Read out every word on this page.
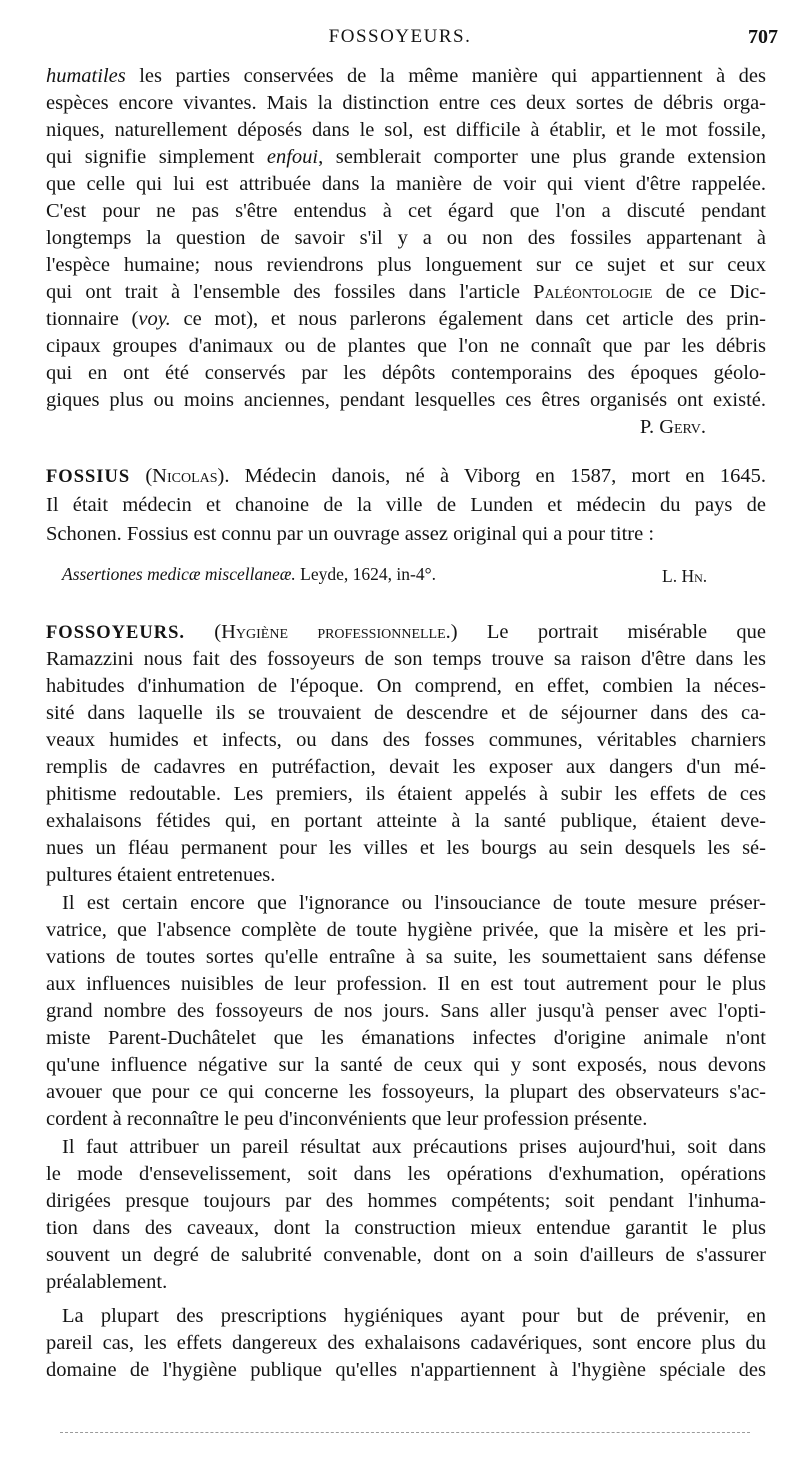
FOSSOYEURS.	707
humatiles les parties conservées de la même manière qui appartiennent à des
espèces encore vivantes. Mais la distinction entre ces deux sortes de débris orga-
niques, naturellement déposés dans le sol, est difficile à établir, et le mot fossile,
qui signifie simplement enfoui, semblerait comporter une plus grande extension
que celle qui lui est attribuée dans la manière de voir qui vient d'être rappelée.
C'est pour ne pas s'être entendus à cet égard que l'on a discuté pendant
longtemps la question de savoir s'il y a ou non des fossiles appartenant à
l'espèce humaine; nous reviendrons plus longuement sur ce sujet et sur ceux
qui ont trait à l'ensemble des fossiles dans l'article Paléontologie de ce Dic-
tionnaire (voy. ce mot), et nous parlerons également dans cet article des prin-
cipaux groupes d'animaux ou de plantes que l'on ne connaît que par les débris
qui en ont été conservés par les dépôts contemporains des époques géolo-
giques plus ou moins anciennes, pendant lesquelles ces êtres organisés ont existé.
P. Gerv.
FOSSIUS (Nicolas). Médecin danois, né à Viborg en 1587, mort en 1645.
Il était médecin et chanoine de la ville de Lunden et médecin du pays de
Schonen. Fossius est connu par un ouvrage assez original qui a pour titre :
Assertiones medicæ miscellaneæ. Leyde, 1624, in-4°.	L. Hn.
FOSSOYEURS. (Hygiène professionnelle.) Le portrait misérable que
Ramazzini nous fait des fossoyeurs de son temps trouve sa raison d'être dans les
habitudes d'inhumation de l'époque. On comprend, en effet, combien la néces-
sité dans laquelle ils se trouvaient de descendre et de séjourner dans des ca-
veaux humides et infects, ou dans des fosses communes, véritables charniers
remplis de cadavres en putréfaction, devait les exposer aux dangers d'un mé-
phitisme redoutable. Les premiers, ils étaient appelés à subir les effets de ces
exhalaisons fétides qui, en portant atteinte à la santé publique, étaient deve-
nues un fléau permanent pour les villes et les bourgs au sein desquels les sé-
pultures étaient entretenues.
Il est certain encore que l'ignorance ou l'insouciance de toute mesure préser-
vatrice, que l'absence complète de toute hygiène privée, que la misère et les pri-
vations de toutes sortes qu'elle entraîne à sa suite, les soumettaient sans défense
aux influences nuisibles de leur profession. Il en est tout autrement pour le plus
grand nombre des fossoyeurs de nos jours. Sans aller jusqu'à penser avec l'opti-
miste Parent-Duchâtelet que les émanations infectes d'origine animale n'ont
qu'une influence négative sur la santé de ceux qui y sont exposés, nous devons
avouer que pour ce qui concerne les fossoyeurs, la plupart des observateurs s'ac-
cordent à reconnaître le peu d'inconvénients que leur profession présente.
Il faut attribuer un pareil résultat aux précautions prises aujourd'hui, soit dans
le mode d'ensevelissement, soit dans les opérations d'exhumation, opérations
dirigées presque toujours par des hommes compétents; soit pendant l'inhuma-
tion dans des caveaux, dont la construction mieux entendue garantit le plus
souvent un degré de salubrité convenable, dont on a soin d'ailleurs de s'assurer
préalablement.
La plupart des prescriptions hygiéniques ayant pour but de prévenir, en
pareil cas, les effets dangereux des exhalaisons cadavériques, sont encore plus du
domaine de l'hygiène publique qu'elles n'appartiennent à l'hygiène spéciale des
